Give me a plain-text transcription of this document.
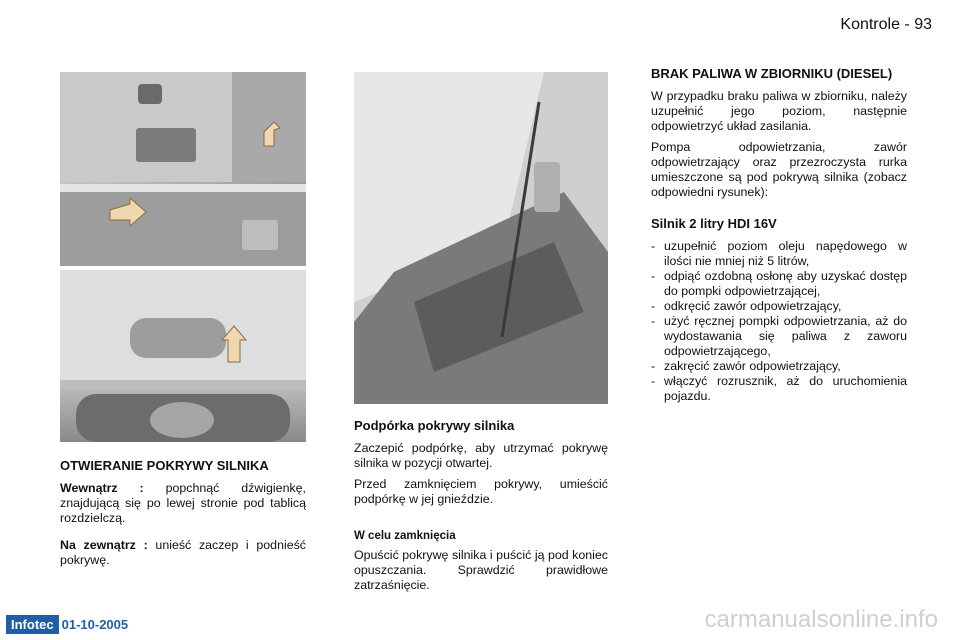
Kontrole - 93
OTWIERANIE POKRYWY SILNIKA

Wewnątrz : popchnąć dźwigienkę, znajdującą się po lewej stronie pod tablicą rozdzielczą.

Na zewnątrz : unieść zaczep i podnieść pokrywę.

Podpórka pokrywy silnika

Zaczepić podpórkę, aby utrzymać pokrywę silnika w pozycji otwartej.

Przed zamknięciem pokrywy, umieścić podpórkę w jej gnieździe.

W celu zamknięcia

Opuścić pokrywę silnika i puścić ją pod koniec opuszczania. Sprawdzić prawidłowe zatrzaśnięcie.

BRAK PALIWA W ZBIORNIKU (DIESEL)

W przypadku braku paliwa w zbiorniku, należy uzupełnić jego poziom, następnie odpowietrzyć układ zasilania.

Pompa odpowietrzania, zawór odpowietrzający oraz przezroczysta rurka umieszczone są pod pokrywą silnika (zobacz odpowiedni rysunek):

Silnik 2 litry HDI 16V
- uzupełnić poziom oleju napędowego w ilości nie mniej niż 5 litrów,
- odpiąć ozdobną osłonę aby uzyskać dostęp do pompki odpowietrzającej,
- odkręcić zawór odpowietrzający,
- użyć ręcznej pompki odpowietrzania, aż do wydostawania się paliwa z zaworu odpowietrzającego,
- zakręcić zawór odpowietrzający,
- włączyć rozrusznik, aż do uruchomienia pojazdu.
Infotec 01-10-2005	carmanualsonline.info
